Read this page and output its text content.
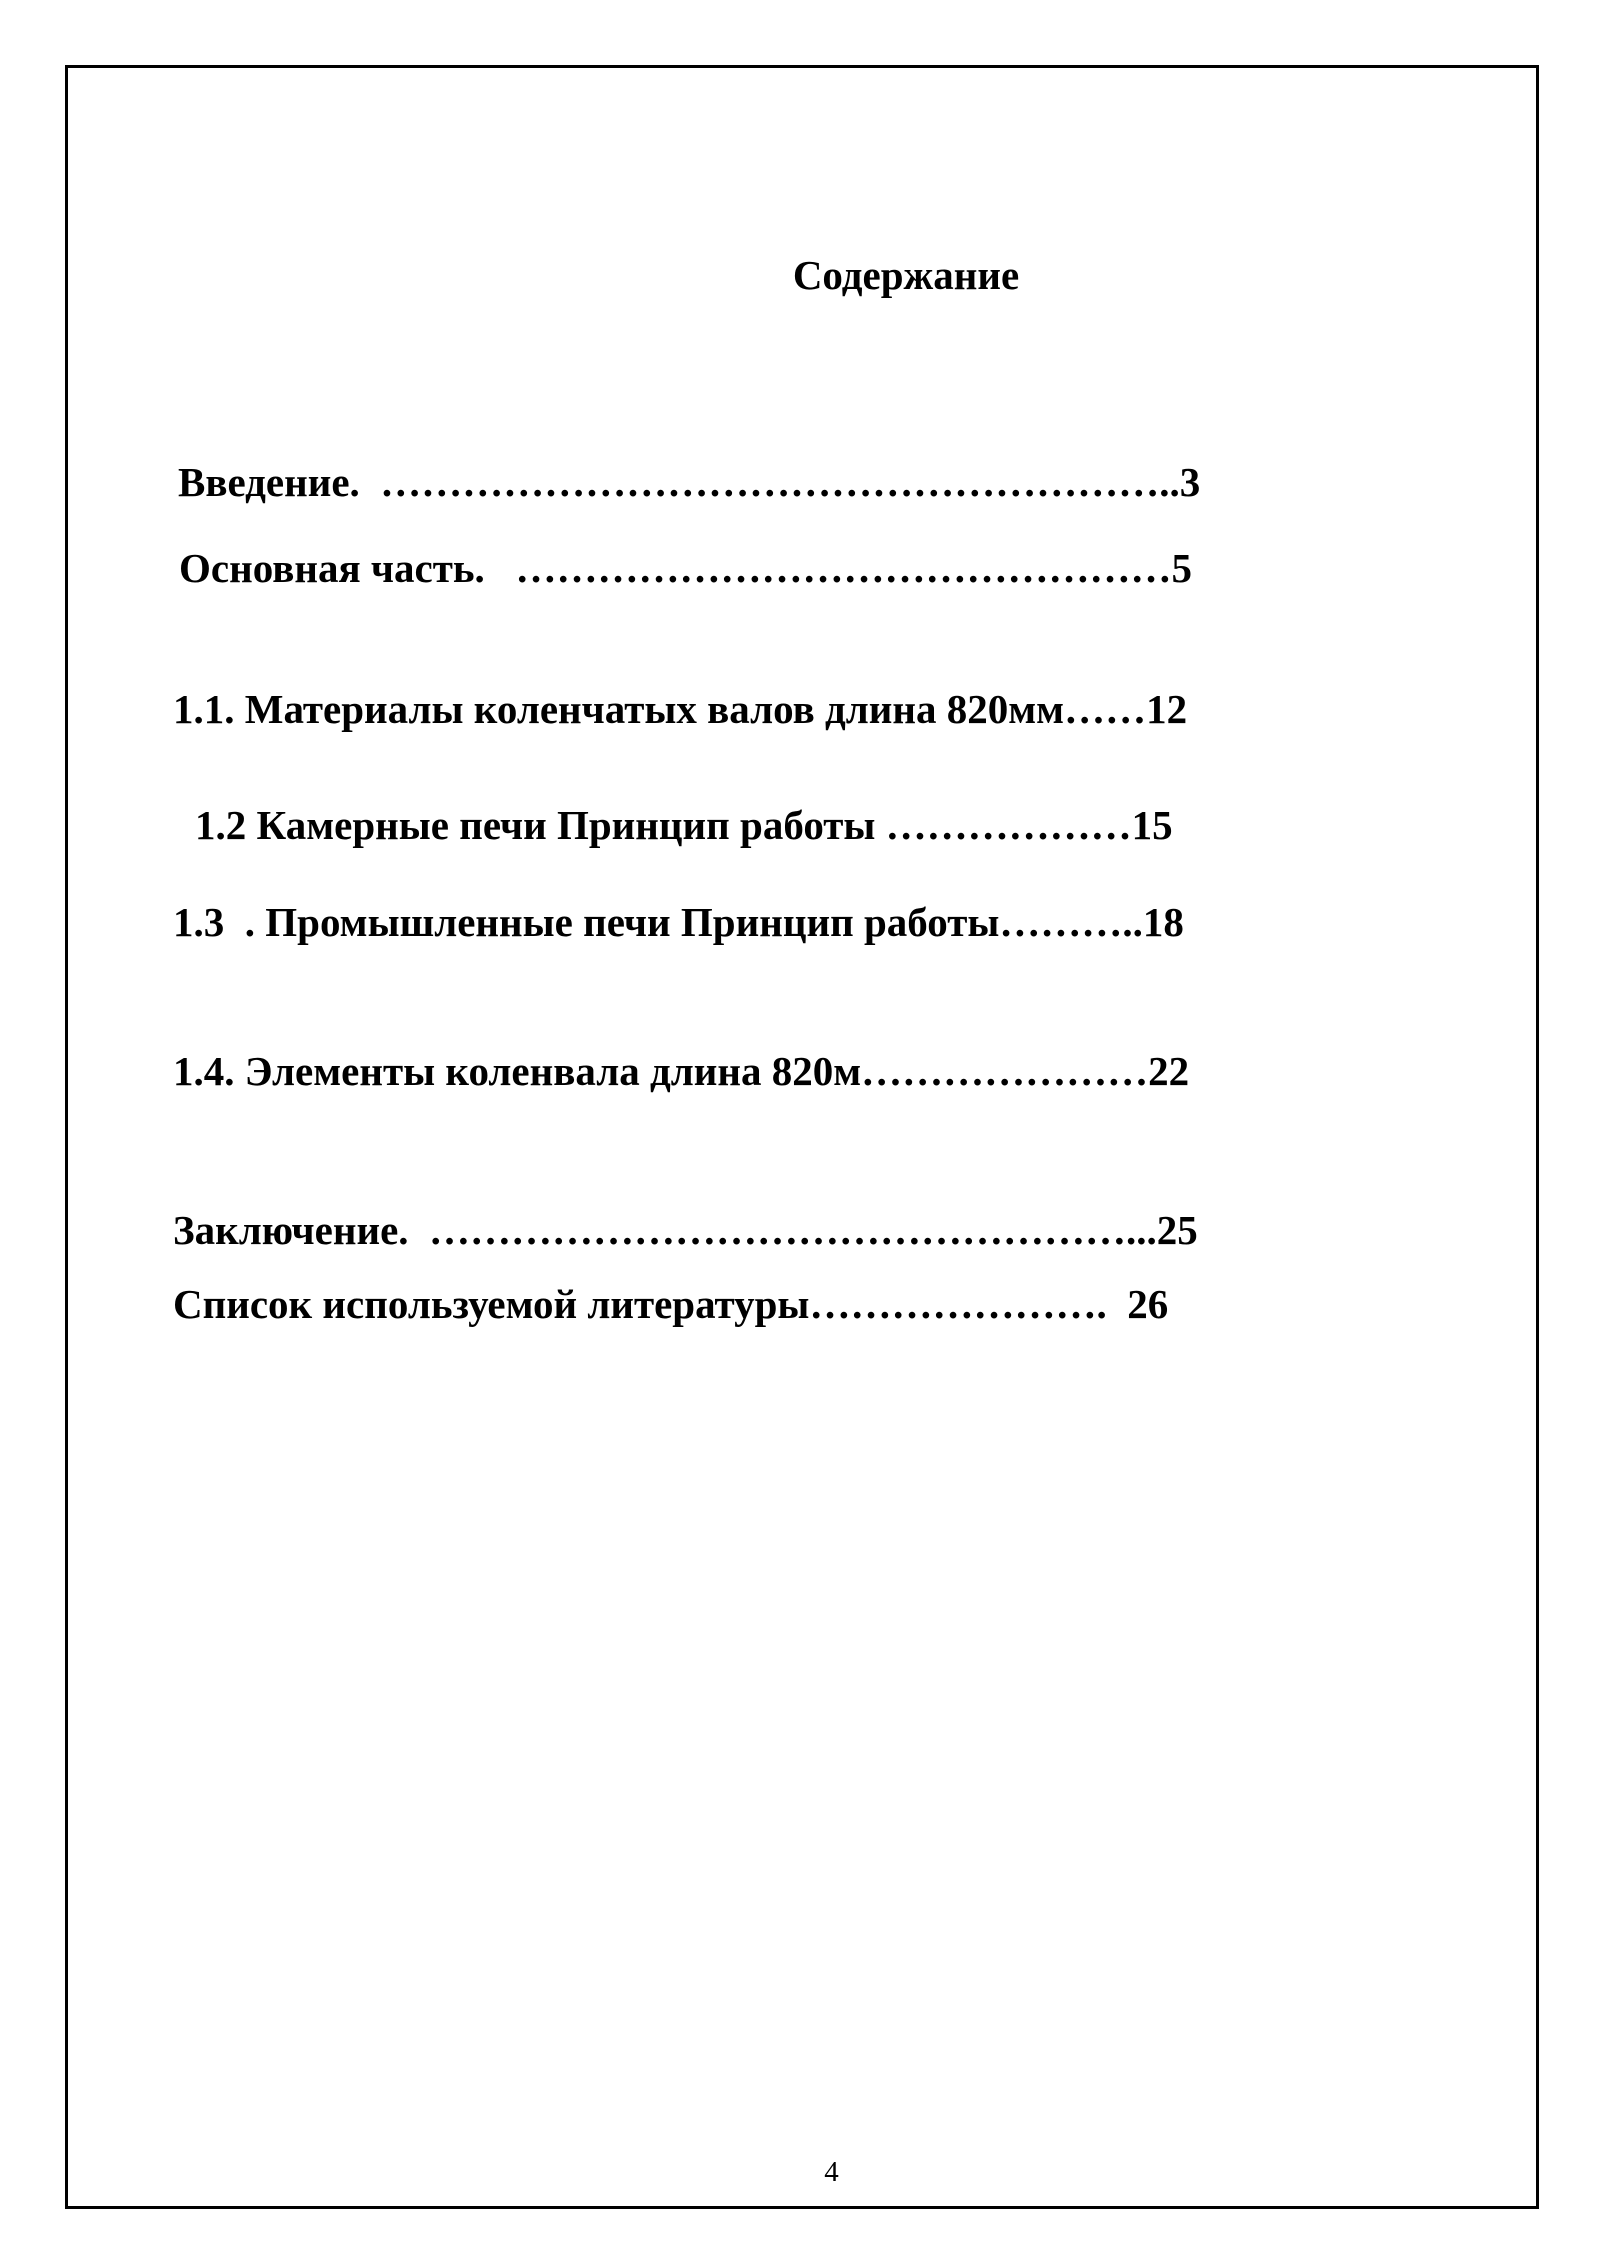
Содержание
Введение.  …………………………………………………..3
Основная часть.   …………………………………………5
1.1. Материалы коленчатых валов длина 820мм……12
1.2 Камерные печи Принцип работы ………………15
1.3  . Промышленные печи Принцип работы………..18
1.4. Элементы коленвала длина 820м…………………22
Заключение.  ……………………………………………...25
Список используемой литературы………………….  26
4
